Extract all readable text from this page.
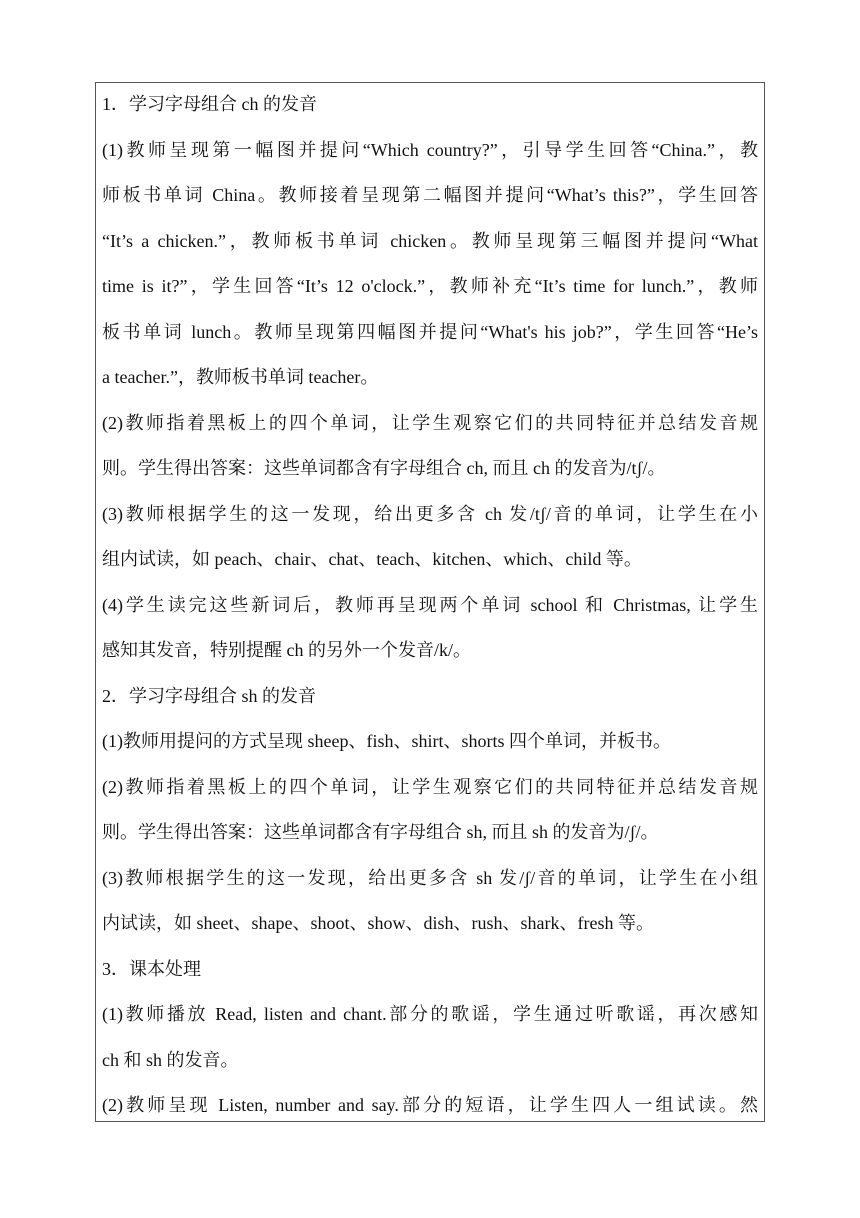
1．学习字母组合 ch 的发音
(1)教师呈现第一幅图并提问“Which country?”，引导学生回答“China.”，教
师板书单词 China。教师接着呈现第二幅图并提问“What’s this?”，学生回答
“It’s a chicken.”，教师板书单词 chicken。教师呈现第三幅图并提问“What
time is it?”，学生回答“It’s 12 o'clock.”，教师补充“It’s time for lunch.”，教师
板书单词 lunch。教师呈现第四幅图并提问“What's his job?”，学生回答“He’s
a teacher.”，教师板书单词 teacher。
(2)教师指着黑板上的四个单词，让学生观察它们的共同特征并总结发音规
则。学生得出答案：这些单词都含有字母组合 ch, 而且 ch 的发音为/tʃ/。
(3)教师根据学生的这一发现，给出更多含 ch 发/tʃ/音的单词，让学生在小
组内试读，如 peach、chair、chat、teach、kitchen、which、child 等。
(4)学生读完这些新词后，教师再呈现两个单词 school 和 Christmas, 让学生
感知其发音，特别提醒 ch 的另外一个发音/k/。
2．学习字母组合 sh 的发音
(1)教师用提问的方式呈现 sheep、fish、shirt、shorts 四个单词，并板书。
(2)教师指着黑板上的四个单词，让学生观察它们的共同特征并总结发音规
则。学生得出答案：这些单词都含有字母组合 sh, 而且 sh 的发音为/ʃ/。
(3)教师根据学生的这一发现，给出更多含 sh 发/ʃ/音的单词，让学生在小组
内试读，如 sheet、shape、shoot、show、dish、rush、shark、fresh 等。
3．课本处理
(1)教师播放 Read, listen and chant.部分的歌谣，学生通过听歌谣，再次感知
ch 和 sh 的发音。
(2)教师呈现 Listen, number and say.部分的短语，让学生四人一组试读。然
